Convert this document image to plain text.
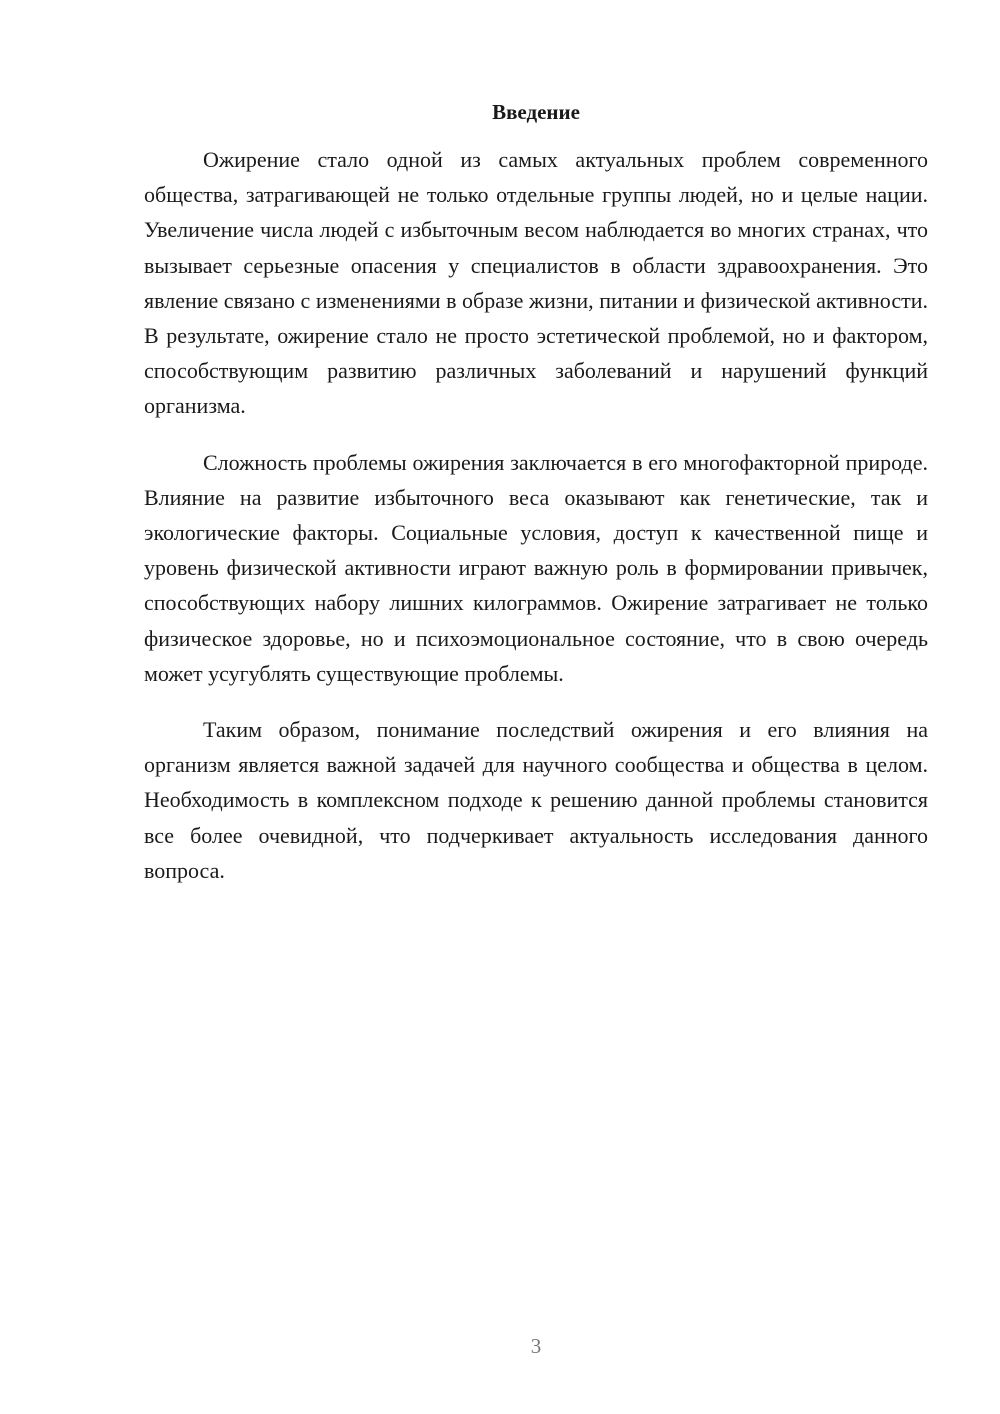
Введение

Ожирение стало одной из самых актуальных проблем современного общества, затрагивающей не только отдельные группы людей, но и целые нации. Увеличение числа людей с избыточным весом наблюдается во многих странах, что вызывает серьезные опасения у специалистов в области здравоохранения. Это явление связано с изменениями в образе жизни, питании и физической активности. В результате, ожирение стало не просто эстетической проблемой, но и фактором, способствующим развитию различных заболеваний и нарушений функций организма.

Сложность проблемы ожирения заключается в его многофакторной природе. Влияние на развитие избыточного веса оказывают как генетические, так и экологические факторы. Социальные условия, доступ к качественной пище и уровень физической активности играют важную роль в формировании привычек, способствующих набору лишних килограммов. Ожирение затрагивает не только физическое здоровье, но и психоэмоциональное состояние, что в свою очередь может усугублять существующие проблемы.

Таким образом, понимание последствий ожирения и его влияния на организм является важной задачей для научного сообщества и общества в целом. Необходимость в комплексном подходе к решению данной проблемы становится все более очевидной, что подчеркивает актуальность исследования данного вопроса.

3
